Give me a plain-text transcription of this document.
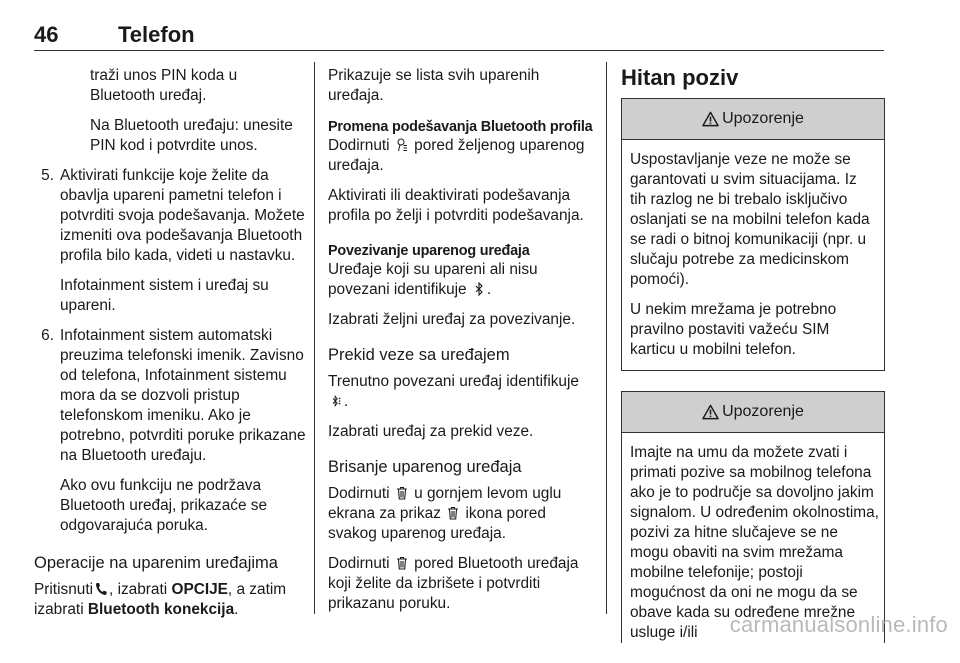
46	Telefon

traži unos PIN koda u Bluetooth uređaj.

Na Bluetooth uređaju: unesite PIN kod i potvrdite unos.

5. Aktivirati funkcije koje želite da obavlja upareni pametni telefon i potvrditi svoja podešavanja. Možete izmeniti ova podešavanja Bluetooth profila bilo kada, videti u nastavku.

Infotainment sistem i uređaj su upareni.

6. Infotainment sistem automatski preuzima telefonski imenik. Zavisno od telefona, Infotainment sistemu mora da se dozvoli pristup telefonskom imeniku. Ako je potrebno, potvrditi poruke prikazane na Bluetooth uređaju.

Ako ovu funkciju ne podržava Bluetooth uređaj, prikazaće se odgovarajuća poruka.

Operacije na uparenim uređajima

Pritisnuti , izabrati OPCIJE, a zatim izabrati Bluetooth konekcija.

Prikazuje se lista svih uparenih uređaja.

Promena podešavanja Bluetooth profila

Dodirnuti pored željenog uparenog uređaja.

Aktivirati ili deaktivirati podešavanja profila po želji i potvrditi podešavanja.

Povezivanje uparenog uređaja

Uređaje koji su upareni ali nisu povezani identifikuje .

Izabrati željni uređaj za povezivanje.

Prekid veze sa uređajem

Trenutno povezani uređaj identifikuje .

Izabrati uređaj za prekid veze.

Brisanje uparenog uređaja

Dodirnuti u gornjem levom uglu ekrana za prikaz ikona pored svakog uparenog uređaja.

Dodirnuti pored Bluetooth uređaja koji želite da izbrišete i potvrditi prikazanu poruku.

Hitan poziv
Upozorenje

Uspostavljanje veze ne može se garantovati u svim situacijama. Iz tih razlog ne bi trebalo isključivo oslanjati se na mobilni telefon kada se radi o bitnoj komunikaciji (npr. u slučaju potrebe za medicinskom pomoći).

U nekim mrežama je potrebno pravilno postaviti važeću SIM karticu u mobilni telefon.

Upozorenje

Imajte na umu da možete zvati i primati pozive sa mobilnog telefona ako je to područje sa dovoljno jakim signalom. U određenim okolnostima, pozivi za hitne slučajeve se ne mogu obaviti na svim mrežama mobilne telefonije; postoji mogućnost da oni ne mogu da se obave kada su određene mrežne usluge i/ili	carmanualsonline.info
